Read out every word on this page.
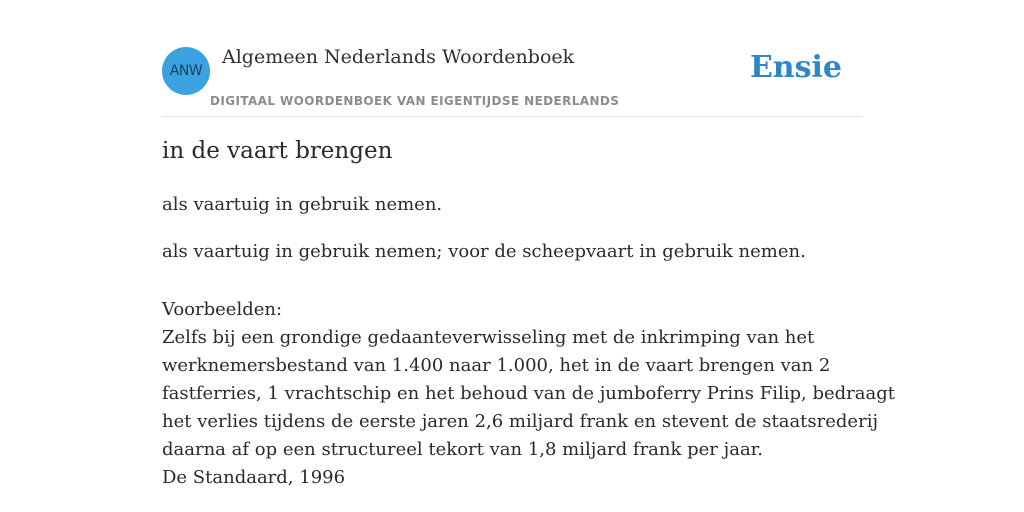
ANW
Algemeen Nederlands Woordenboek
DIGITAAL WOORDENBOEK VAN EIGENTIJDSE NEDERLANDS
Ensie
in de vaart brengen
als vaartuig in gebruik nemen.
als vaartuig in gebruik nemen; voor de scheepvaart in gebruik nemen.
Voorbeelden:
Zelfs bij een grondige gedaanteverwisseling met de inkrimping van het
werknemersbestand van 1.400 naar 1.000, het in de vaart brengen van 2
fastferries, 1 vrachtschip en het behoud van de jumboferry Prins Filip, bedraagt
het verlies tijdens de eerste jaren 2,6 miljard frank en stevent de staatsrederij
daarna af op een structureel tekort van 1,8 miljard frank per jaar.
De Standaard, 1996
